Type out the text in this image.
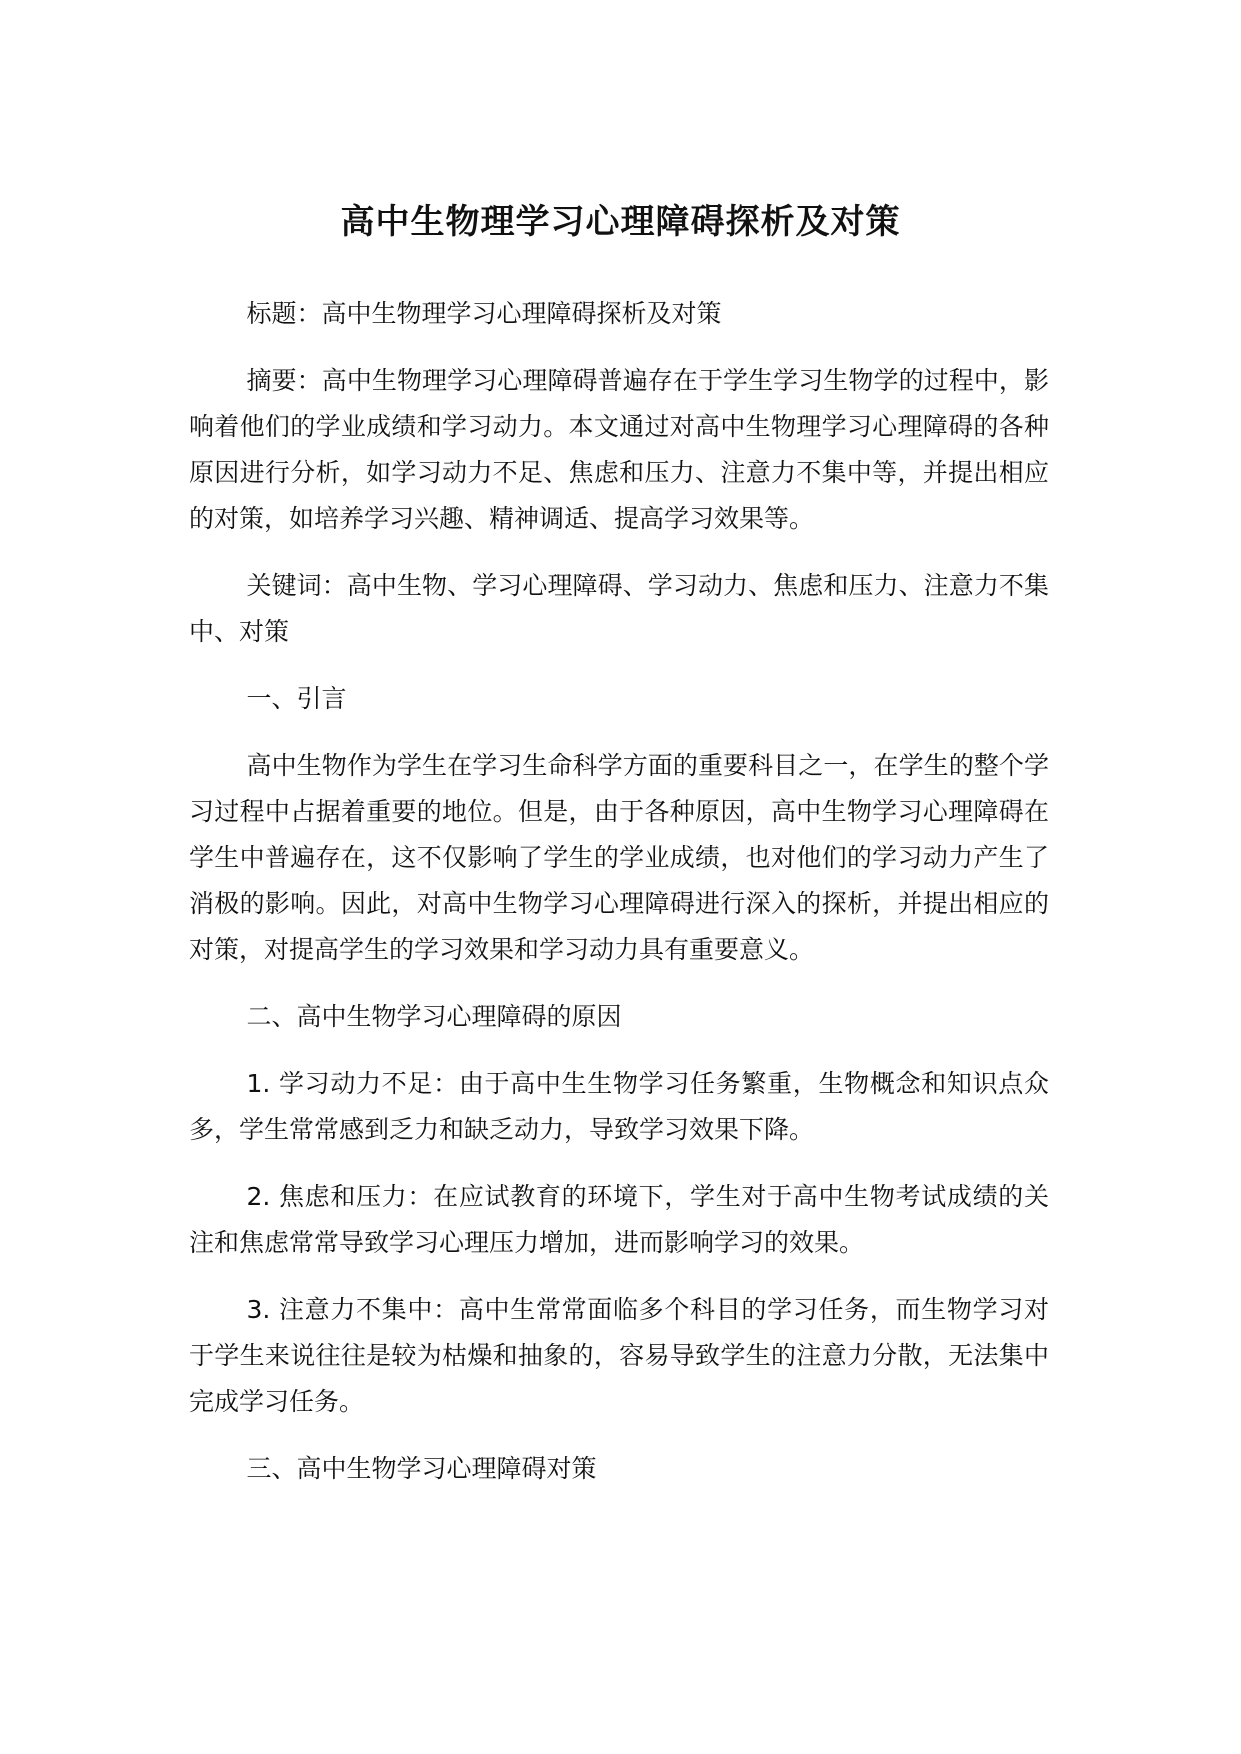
高中生物理学习心理障碍探析及对策

标题：高中生物理学习心理障碍探析及对策

摘要：高中生物理学习心理障碍普遍存在于学生学习生物学的过程中，影响着他们的学业成绩和学习动力。本文通过对高中生物理学习心理障碍的各种原因进行分析，如学习动力不足、焦虑和压力、注意力不集中等，并提出相应的对策，如培养学习兴趣、精神调适、提高学习效果等。

关键词：高中生物、学习心理障碍、学习动力、焦虑和压力、注意力不集中、对策

一、引言

高中生物作为学生在学习生命科学方面的重要科目之一，在学生的整个学习过程中占据着重要的地位。但是，由于各种原因，高中生物学习心理障碍在学生中普遍存在，这不仅影响了学生的学业成绩，也对他们的学习动力产生了消极的影响。因此，对高中生物学习心理障碍进行深入的探析，并提出相应的对策，对提高学生的学习效果和学习动力具有重要意义。

二、高中生物学习心理障碍的原因

1. 学习动力不足：由于高中生生物学习任务繁重，生物概念和知识点众多，学生常常感到乏力和缺乏动力，导致学习效果下降。

2. 焦虑和压力：在应试教育的环境下，学生对于高中生物考试成绩的关注和焦虑常常导致学习心理压力增加，进而影响学习的效果。

3. 注意力不集中：高中生常常面临多个科目的学习任务，而生物学习对于学生来说往往是较为枯燥和抽象的，容易导致学生的注意力分散，无法集中完成学习任务。

三、高中生物学习心理障碍对策
